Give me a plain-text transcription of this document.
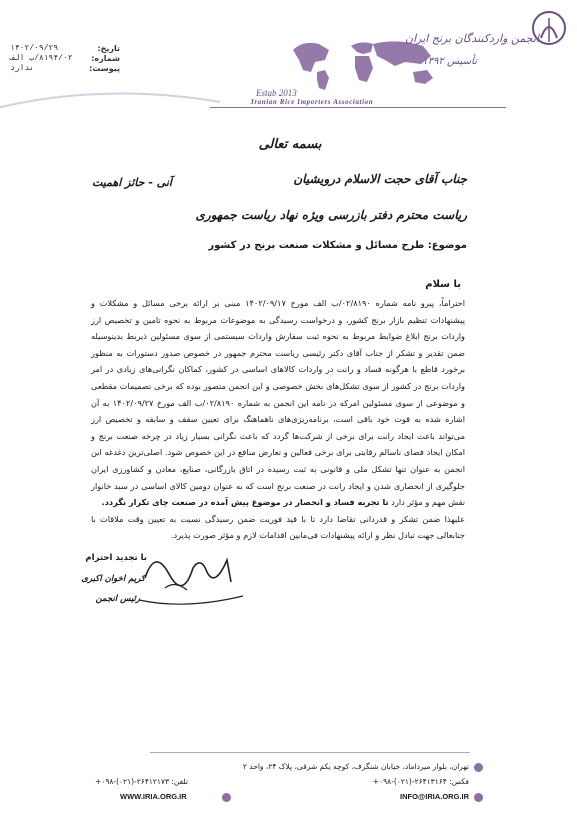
انجمن واردکنندگان برنج ایران
تأسیس ۱۳۹۲
Estab 2013
Iranian Rice Importers Association
تاریخ:
۱۴۰۲/۰۹/۲۹
شماره:
۸۱۹۴/۰۲/ب الف
پیوست:
ندارد
بسمه تعالی
جناب آقای حجت الاسلام درویشیان
آنی - حائز اهمیت
ریاست محترم دفتر بازرسی ویژه نهاد ریاست جمهوری
موضوع: طرح مسائل و مشکلات صنعت برنج در کشور
با سلام

احتراماً، پیرو نامه شماره ۰۲/۸۱۹۰/ب الف مورخ ۱۴۰۲/۰۹/۱۷ مبنی بر ارائه برخی مسائل و مشکلات و پیشنهادات تنظیم بازار برنج کشور، و درخواست رسیدگی به موضوعات مربوط به نحوه تامین و تخصیص ارز واردات برنج ابلاغ ضوابط مربوط به نحوه ثبت سفارش واردات سیستمی از سوی مسئولین ذیربط بدینوسیله ضمن تقدیر و تشکر از جناب آقای دکتر رئیسی ریاست محترم جمهور در خصوص صدور دستورات به منظور برخورد قاطع با هرگونه فساد و رانت در واردات کالاهای اساسی در کشور، کماکان نگرانی‌های زیادی در امر واردات برنج در کشور از سوی تشکل‌های بخش خصوصی و این انجمن متصور بوده که برخی تصمیمات مقطعی و موضوعی از سوی مسئولین امرکه در نامه این انجمن به شماره ۰۲/۸۱۹۰/ب الف مورخ ۱۴۰۲/۰۹/۲۷ به آن اشاره شده به قوت خود باقی است، برنامه‌ریزی‌های ناهماهنگ برای تعیین سقف و سابقه و تخصیص ارز می‌تواند باعث ایجاد رانت برای برخی از شرکت‌ها گردد که باعث نگرانی بسیار زیاد در چرخه صنعت برنج و امکان ایجاد فضای ناسالم رقابتی برای برخی فعالین و تعارض منافع در این خصوص شود. اصلی‌ترین دغدغه این انجمن به عنوان تنها تشکل ملی و قانونی به ثبت رسیده در اتاق بازرگانی، صنایع، معادن و کشاورزی ایران جلوگیری از انحصاری شدن و ایجاد رانت در صنعت برنج است که به عنوان دومین کالای اساسی در سبد خانوار نقش مهم و مؤثر دارد تا تجربه فساد و انحصار در موضوع پیش آمده در صنعت چای تکرار نگردد.

علیهذا ضمن تشکر و قدردانی تقاضا دارد تا با قید فوریت ضمن رسیدگی نسبت به تعیین وقت ملاقات با جنابعالی جهت تبادل نظر و ارائه پیشنهادات فی‌مابین اقدامات لازم و مؤثر صورت پذیرد.

با تجدید احترام
کریم اخوان اکبری
رئیس انجمن
تهران، بلوار میرداماد، خیابان شنگرف، کوچه یکم شرقی، پلاک ۲۴، واحد ۲
فکس: ۲۶۴۱۳۱۶۴-(۰۲۱)-۰۹۸+
تلفن: ۲۶۴۱۲۱۷۳-(۰۲۱)-۰۹۸+
INFO@IRIA.ORG.IR
WWW.IRIA.ORG.IR
